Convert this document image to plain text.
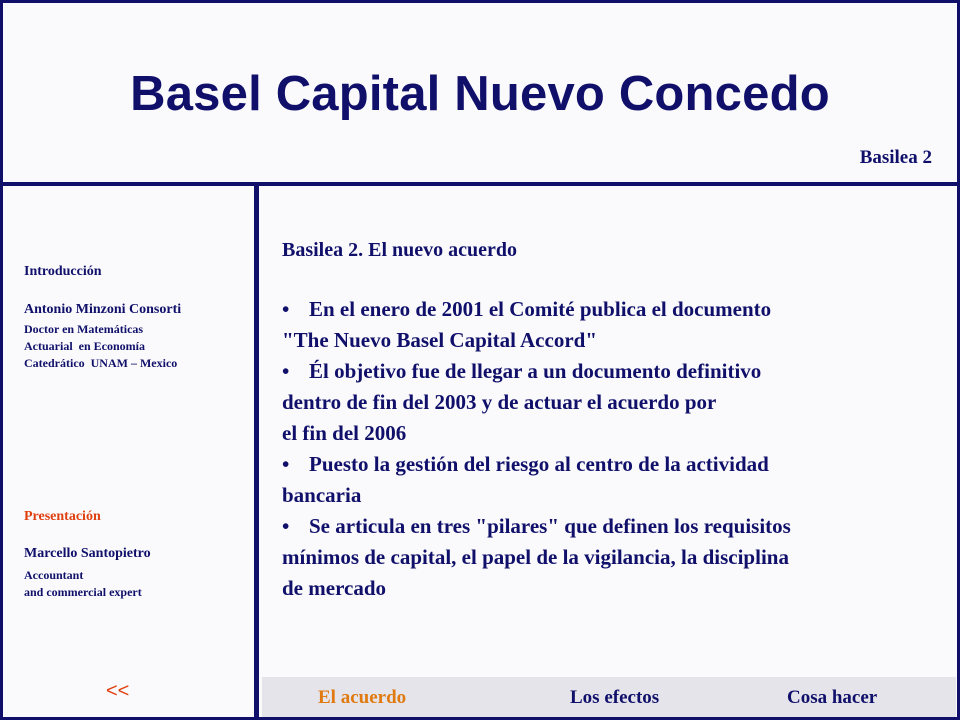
Basel Capital Nuevo Concedo
Basilea 2
Introducción
Antonio Minzoni Consorti
Doctor en Matemáticas
Actuarial  en Economía
Catedrático  UNAM – Mexico
Presentación
Marcello Santopietro
Accountant
and commercial expert
<<
Basilea 2. El nuevo acuerdo
• En el enero de 2001 el Comité publica el documento
"The Nuevo Basel Capital Accord"
• Él objetivo fue de llegar a un documento definitivo
dentro de fin del 2003 y de actuar el acuerdo por
el fin del 2006
• Puesto la gestión del riesgo al centro de la actividad
bancaria
• Se articula en tres "pilares" que definen los requisitos
mínimos de capital, el papel de la vigilancia, la disciplina
de mercado
El acuerdo	Los efectos	Cosa hacer
